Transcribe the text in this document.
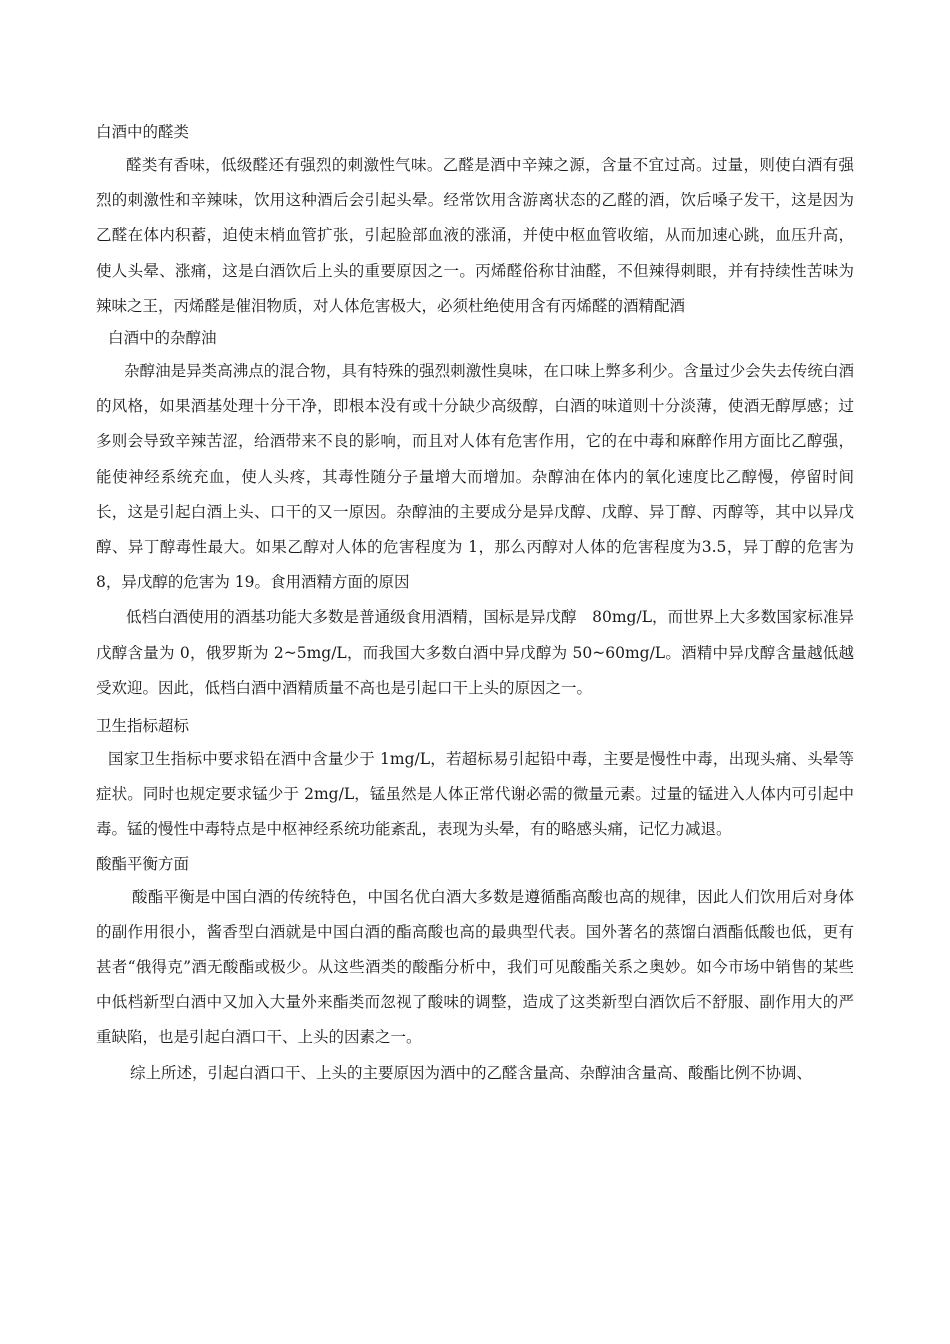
白酒中的醛类

醛类有香味，低级醛还有强烈的刺激性气味。乙醛是酒中辛辣之源，含量不宜过高。过量，则使白酒有强烈的刺激性和辛辣味，饮用这种酒后会引起头晕。经常饮用含游离状态的乙醛的酒，饮后嗓子发干，这是因为乙醛在体内积蓄，迫使末梢血管扩张，引起脸部血液的涨涌，并使中枢血管收缩，从而加速心跳，血压升高，使人头晕、涨痛，这是白酒饮后上头的重要原因之一。丙烯醛俗称甘油醛，不但辣得刺眼，并有持续性苦味为辣味之王，丙烯醛是催泪物质，对人体危害极大，必须杜绝使用含有丙烯醛的酒精配酒

白酒中的杂醇油

杂醇油是异类高沸点的混合物，具有特殊的强烈刺激性臭味，在口味上弊多利少。含量过少会失去传统白酒的风格，如果酒基处理十分干净，即根本没有或十分缺少高级醇，白酒的味道则十分淡薄，使酒无醇厚感；过多则会导致辛辣苦涩，给酒带来不良的影响，而且对人体有危害作用，它的在中毒和麻醉作用方面比乙醇强，能使神经系统充血，使人头疼，其毒性随分子量增大而增加。杂醇油在体内的氧化速度比乙醇慢，停留时间长，这是引起白酒上头、口干的又一原因。杂醇油的主要成分是异戊醇、戊醇、异丁醇、丙醇等，其中以异戊醇、异丁醇毒性最大。如果乙醇对人体的危害程度为 1，那么丙醇对人体的危害程度为3.5，异丁醇的危害为 8，异戊醇的危害为 19。食用酒精方面的原因

低档白酒使用的酒基功能大多数是普通级食用酒精，国标是异戊醇　80mg/L，而世界上大多数国家标准异戊醇含量为 0，俄罗斯为 2~5mg/L，而我国大多数白酒中异戊醇为 50~60mg/L。酒精中异戊醇含量越低越受欢迎。因此，低档白酒中酒精质量不高也是引起口干上头的原因之一。

卫生指标超标

国家卫生指标中要求铅在酒中含量少于 1mg/L，若超标易引起铅中毒，主要是慢性中毒，出现头痛、头晕等症状。同时也规定要求锰少于 2mg/L，锰虽然是人体正常代谢必需的微量元素。过量的锰进入人体内可引起中毒。锰的慢性中毒特点是中枢神经系统功能紊乱，表现为头晕，有的略感头痛，记忆力减退。

酸酯平衡方面

酸酯平衡是中国白酒的传统特色，中国名优白酒大多数是遵循酯高酸也高的规律，因此人们饮用后对身体的副作用很小，酱香型白酒就是中国白酒的酯高酸也高的最典型代表。国外著名的蒸馏白酒酯低酸也低，更有甚者“俄得克”酒无酸酯或极少。从这些酒类的酸酯分析中，我们可见酸酯关系之奥妙。如今市场中销售的某些中低档新型白酒中又加入大量外来酯类而忽视了酸味的调整，造成了这类新型白酒饮后不舒服、副作用大的严重缺陷，也是引起白酒口干、上头的因素之一。

综上所述，引起白酒口干、上头的主要原因为酒中的乙醛含量高、杂醇油含量高、酸酯比例不协调、
